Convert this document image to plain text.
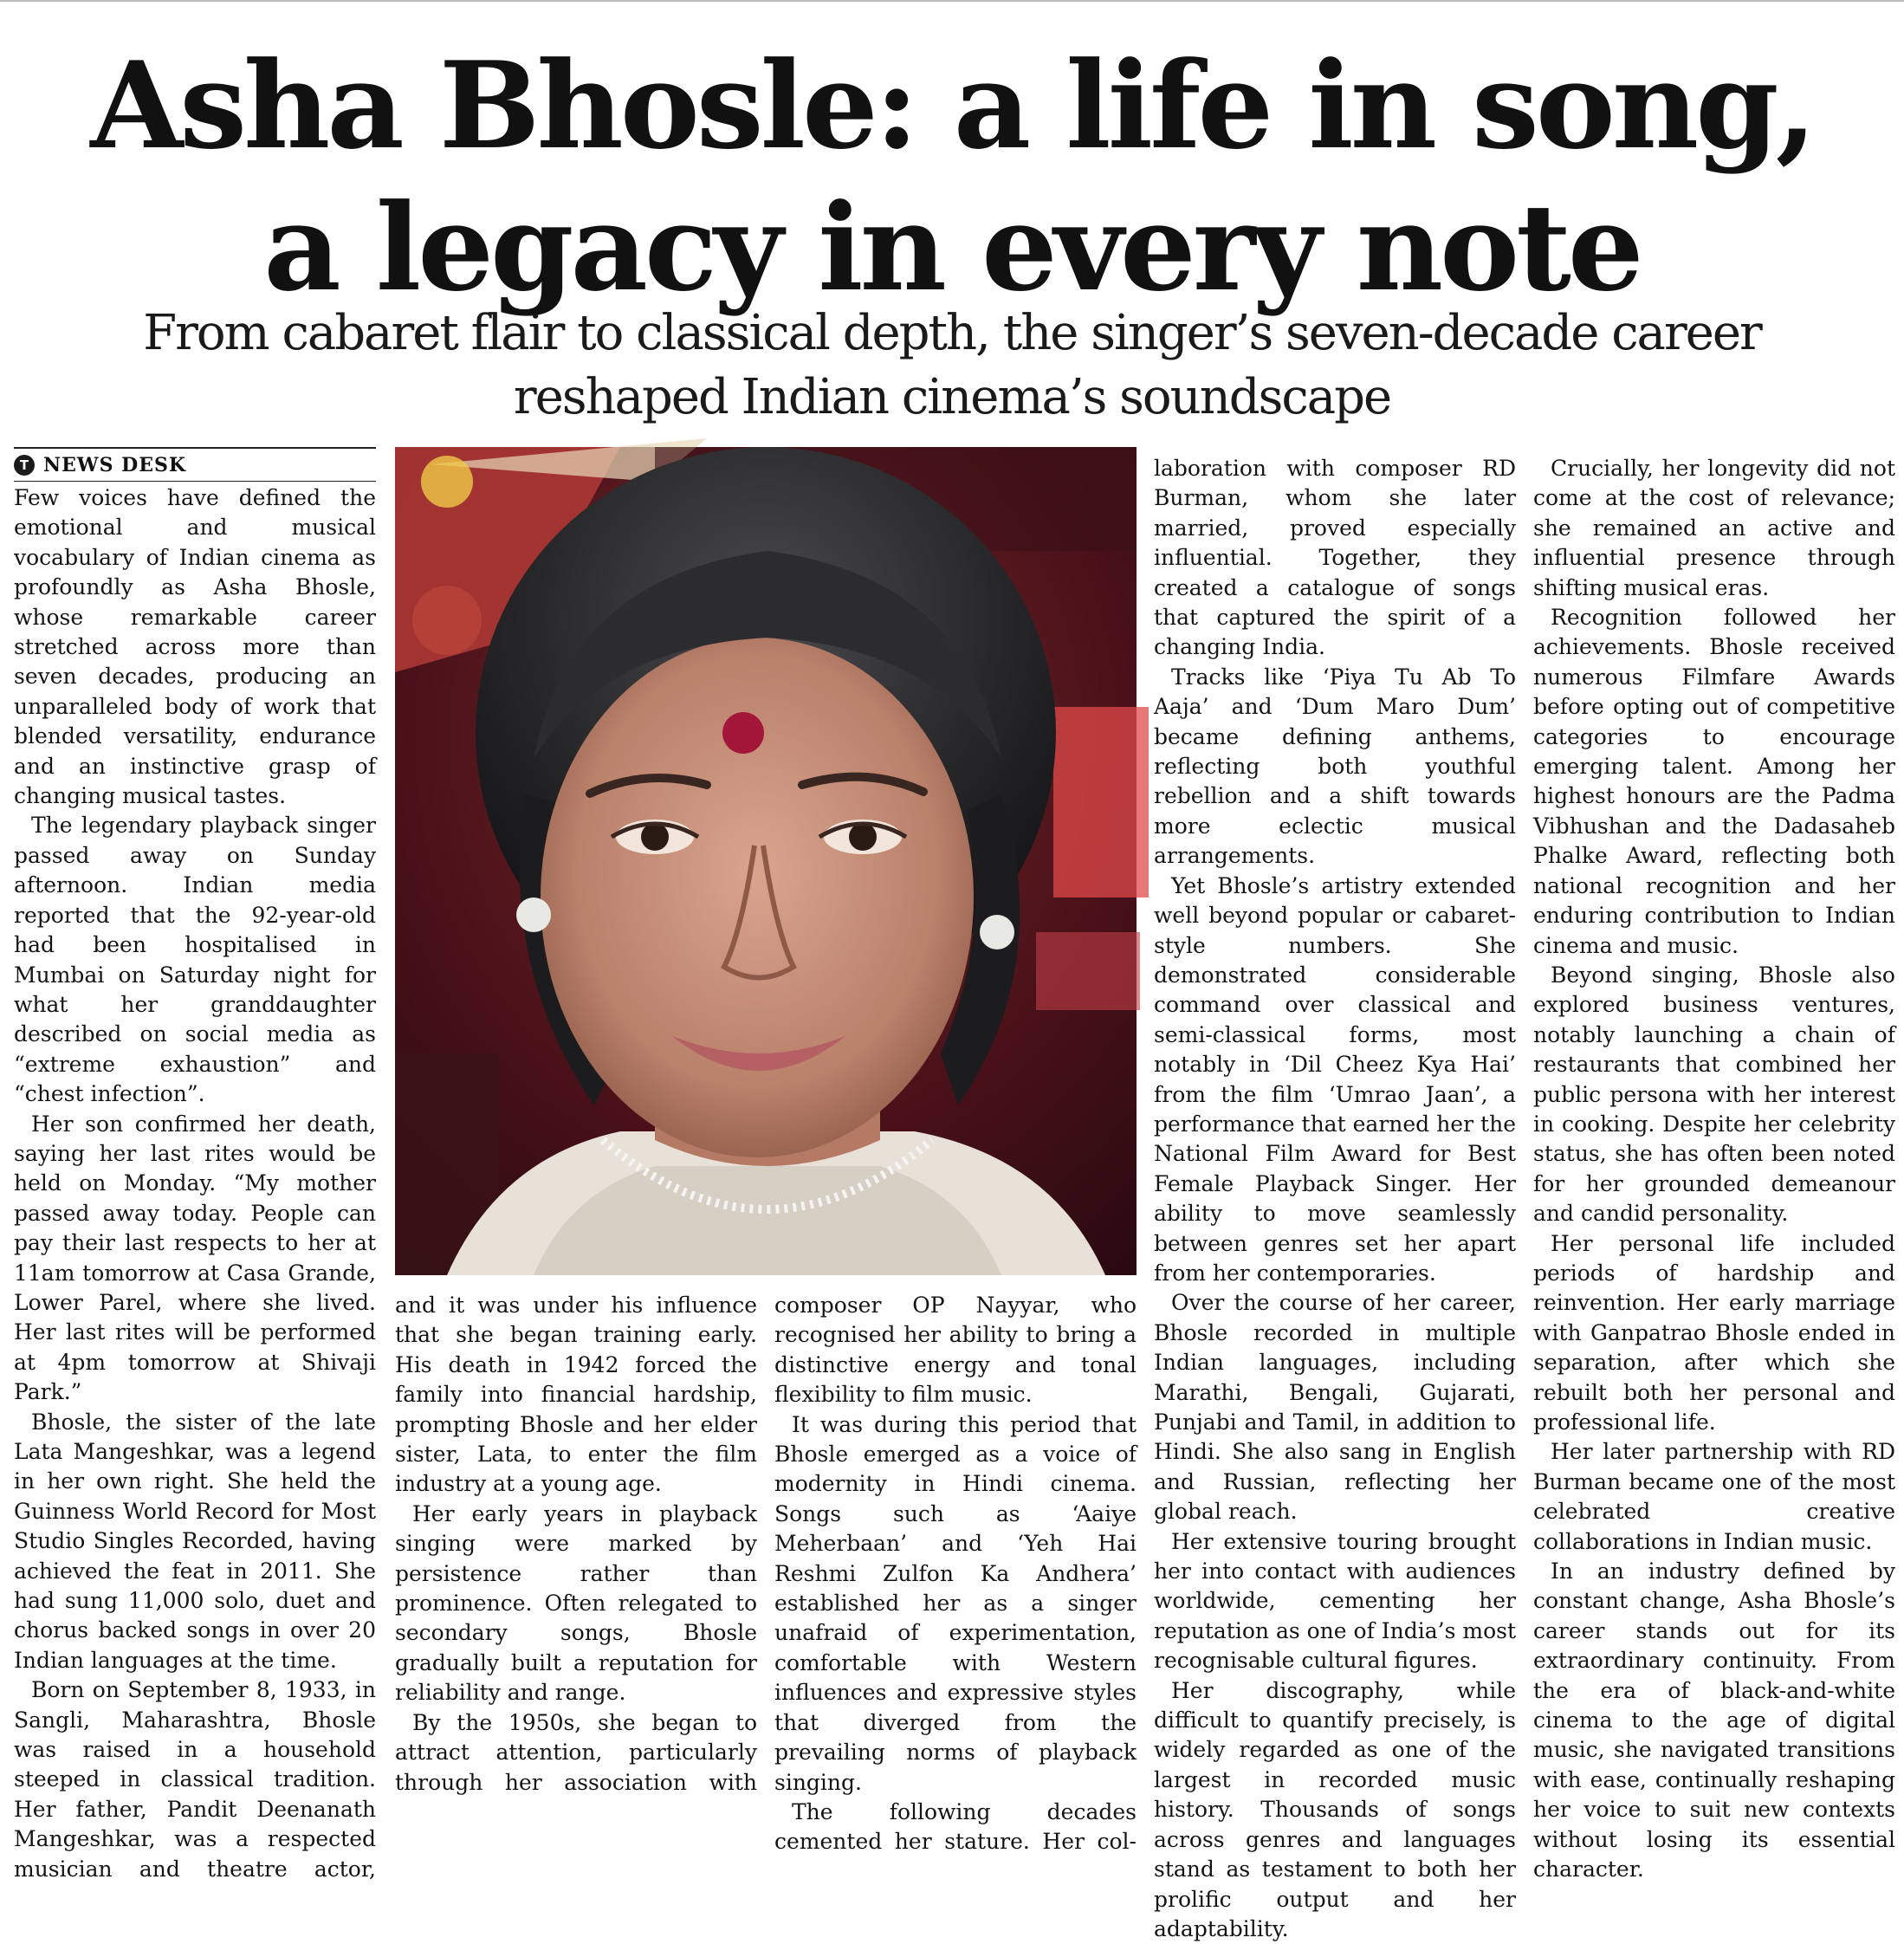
Asha Bhosle: a life in song,
a legacy in every note
From cabaret flair to classical depth, the singer’s seven-decade career
reshaped Indian cinema’s soundscape
T NEWS DESK

Few voices have defined the emotional and musical vocabulary of Indian cinema as profoundly as Asha Bhosle, whose remarkable career stretched across more than seven decades, producing an unparalleled body of work that blended versatility, endurance and an instinctive grasp of changing musical tastes.

The legendary playback singer passed away on Sunday afternoon. Indian media reported that the 92-year-old had been hospitalised in Mumbai on Saturday night for what her granddaughter described on social media as “extreme exhaustion” and “chest infection”.

Her son confirmed her death, saying her last rites would be held on Monday. “My mother passed away today. People can pay their last respects to her at 11am tomorrow at Casa Grande, Lower Parel, where she lived. Her last rites will be performed at 4pm tomorrow at Shivaji Park.”

Bhosle, the sister of the late Lata Mangeshkar, was a legend in her own right. She held the Guinness World Record for Most Studio Singles Recorded, having achieved the feat in 2011. She had sung 11,000 solo, duet and chorus backed songs in over 20 Indian languages at the time.

Born on September 8, 1933, in Sangli, Maharashtra, Bhosle was raised in a household steeped in classical tradition. Her father, Pandit Deenanath Mangeshkar, was a respected musician and theatre actor,

and it was under his influence that she began training early. His death in 1942 forced the family into financial hardship, prompting Bhosle and her elder sister, Lata, to enter the film industry at a young age.

Her early years in playback singing were marked by persistence rather than prominence. Often relegated to secondary songs, Bhosle gradually built a reputation for reliability and range.

By the 1950s, she began to attract attention, particularly through her association with

composer OP Nayyar, who recognised her ability to bring a distinctive energy and tonal flexibility to film music.

It was during this period that Bhosle emerged as a voice of modernity in Hindi cinema. Songs such as ‘Aaiye Meherbaan’ and ‘Yeh Hai Reshmi Zulfon Ka Andhera’ established her as a singer unafraid of experimentation, comfortable with Western influences and expressive styles that diverged from the prevailing norms of playback singing.

The following decades cemented her stature. Her col-

laboration with composer RD Burman, whom she later married, proved especially influential. Together, they created a catalogue of songs that captured the spirit of a changing India.

Tracks like ‘Piya Tu Ab To Aaja’ and ‘Dum Maro Dum’ became defining anthems, reflecting both youthful rebellion and a shift towards more eclectic musical arrangements.

Yet Bhosle’s artistry extended well beyond popular or cabaret-style numbers. She demonstrated considerable command over classical and semi-classical forms, most notably in ‘Dil Cheez Kya Hai’ from the film ‘Umrao Jaan’, a performance that earned her the National Film Award for Best Female Playback Singer. Her ability to move seamlessly between genres set her apart from her contemporaries.

Over the course of her career, Bhosle recorded in multiple Indian languages, including Marathi, Bengali, Gujarati, Punjabi and Tamil, in addition to Hindi. She also sang in English and Russian, reflecting her global reach.

Her extensive touring brought her into contact with audiences worldwide, cementing her reputation as one of India’s most recognisable cultural figures.

Her discography, while difficult to quantify precisely, is widely regarded as one of the largest in recorded music history. Thousands of songs across genres and languages stand as testament to both her prolific output and her adaptability.

Crucially, her longevity did not come at the cost of relevance; she remained an active and influential presence through shifting musical eras.

Recognition followed her achievements. Bhosle received numerous Filmfare Awards before opting out of competitive categories to encourage emerging talent. Among her highest honours are the Padma Vibhushan and the Dadasaheb Phalke Award, reflecting both national recognition and her enduring contribution to Indian cinema and music.

Beyond singing, Bhosle also explored business ventures, notably launching a chain of restaurants that combined her public persona with her interest in cooking. Despite her celebrity status, she has often been noted for her grounded demeanour and candid personality.

Her personal life included periods of hardship and reinvention. Her early marriage with Ganpatrao Bhosle ended in separation, after which she rebuilt both her personal and professional life.

Her later partnership with RD Burman became one of the most celebrated creative collaborations in Indian music.

In an industry defined by constant change, Asha Bhosle’s career stands out for its extraordinary continuity. From the era of black-and-white cinema to the age of digital music, she navigated transitions with ease, continually reshaping her voice to suit new contexts without losing its essential character.
